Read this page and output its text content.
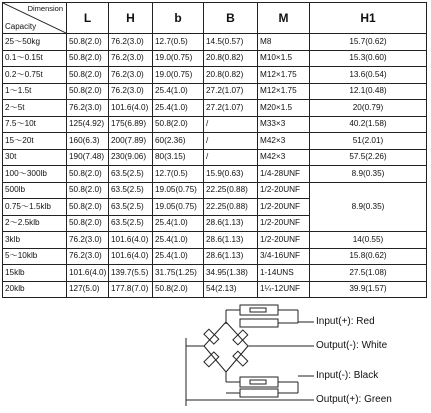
Dimension
Capacity	L	H	b	B	M	H1
25～50kg	50.8(2.0)	76.2(3.0)	12.7(0.5)	14.5(0.57)	M8	15.7(0.62)
0.1～0.15t	50.8(2.0)	76.2(3.0)	19.0(0.75)	20.8(0.82)	M10×1.5	15.3(0.60)
0.2～0.75t	50.8(2.0)	76.2(3.0)	19.0(0.75)	20.8(0.82)	M12×1.75	13.6(0.54)
1～1.5t	50.8(2.0)	76.2(3.0)	25.4(1.0)	27.2(1.07)	M12×1.75	12.1(0.48)
2～5t	76.2(3.0)	101.6(4.0)	25.4(1.0)	27.2(1.07)	M20×1.5	20(0.79)
7.5～10t	125(4.92)	175(6.89)	50.8(2.0)	/	M33×3	40.2(1.58)
15～20t	160(6.3)	200(7.89)	60(2.36)	/	M42×3	51(2.01)
30t	190(7.48)	230(9.06)	80(3.15)	/	M42×3	57.5(2.26)
100～300lb	50.8(2.0)	63.5(2.5)	12.7(0.5)	15.9(0.63)	1/4-28UNF	8.9(0.35)
500lb	50.8(2.0)	63.5(2.5)	19.05(0.75)	22.25(0.88)	1/2-20UNF	8.9(0.35)
0.75～1.5klb	50.8(2.0)	63.5(2.5)	19.05(0.75)	22.25(0.88)	1/2-20UNF	
2～2.5klb	50.8(2.0)	63.5(2.5)	25.4(1.0)	28.6(1.13)	1/2-20UNF	
3klb	76.2(3.0)	101.6(4.0)	25.4(1.0)	28.6(1.13)	1/2-20UNF	14(0.55)
5～10klb	76.2(3.0)	101.6(4.0)	25.4(1.0)	28.6(1.13)	3/4-16UNF	15.8(0.62)
15klb	101.6(4.0)	139.7(5.5)	31.75(1.25)	34.95(1.38)	1-14UNS	27.5(1.08)
20klb	127(5.0)	177.8(7.0)	50.8(2.0)	54(2.13)	1¼-12UNF	39.9(1.57)
Input(+): Red
Output(-): White
Input(-): Black
Output(+): Green
